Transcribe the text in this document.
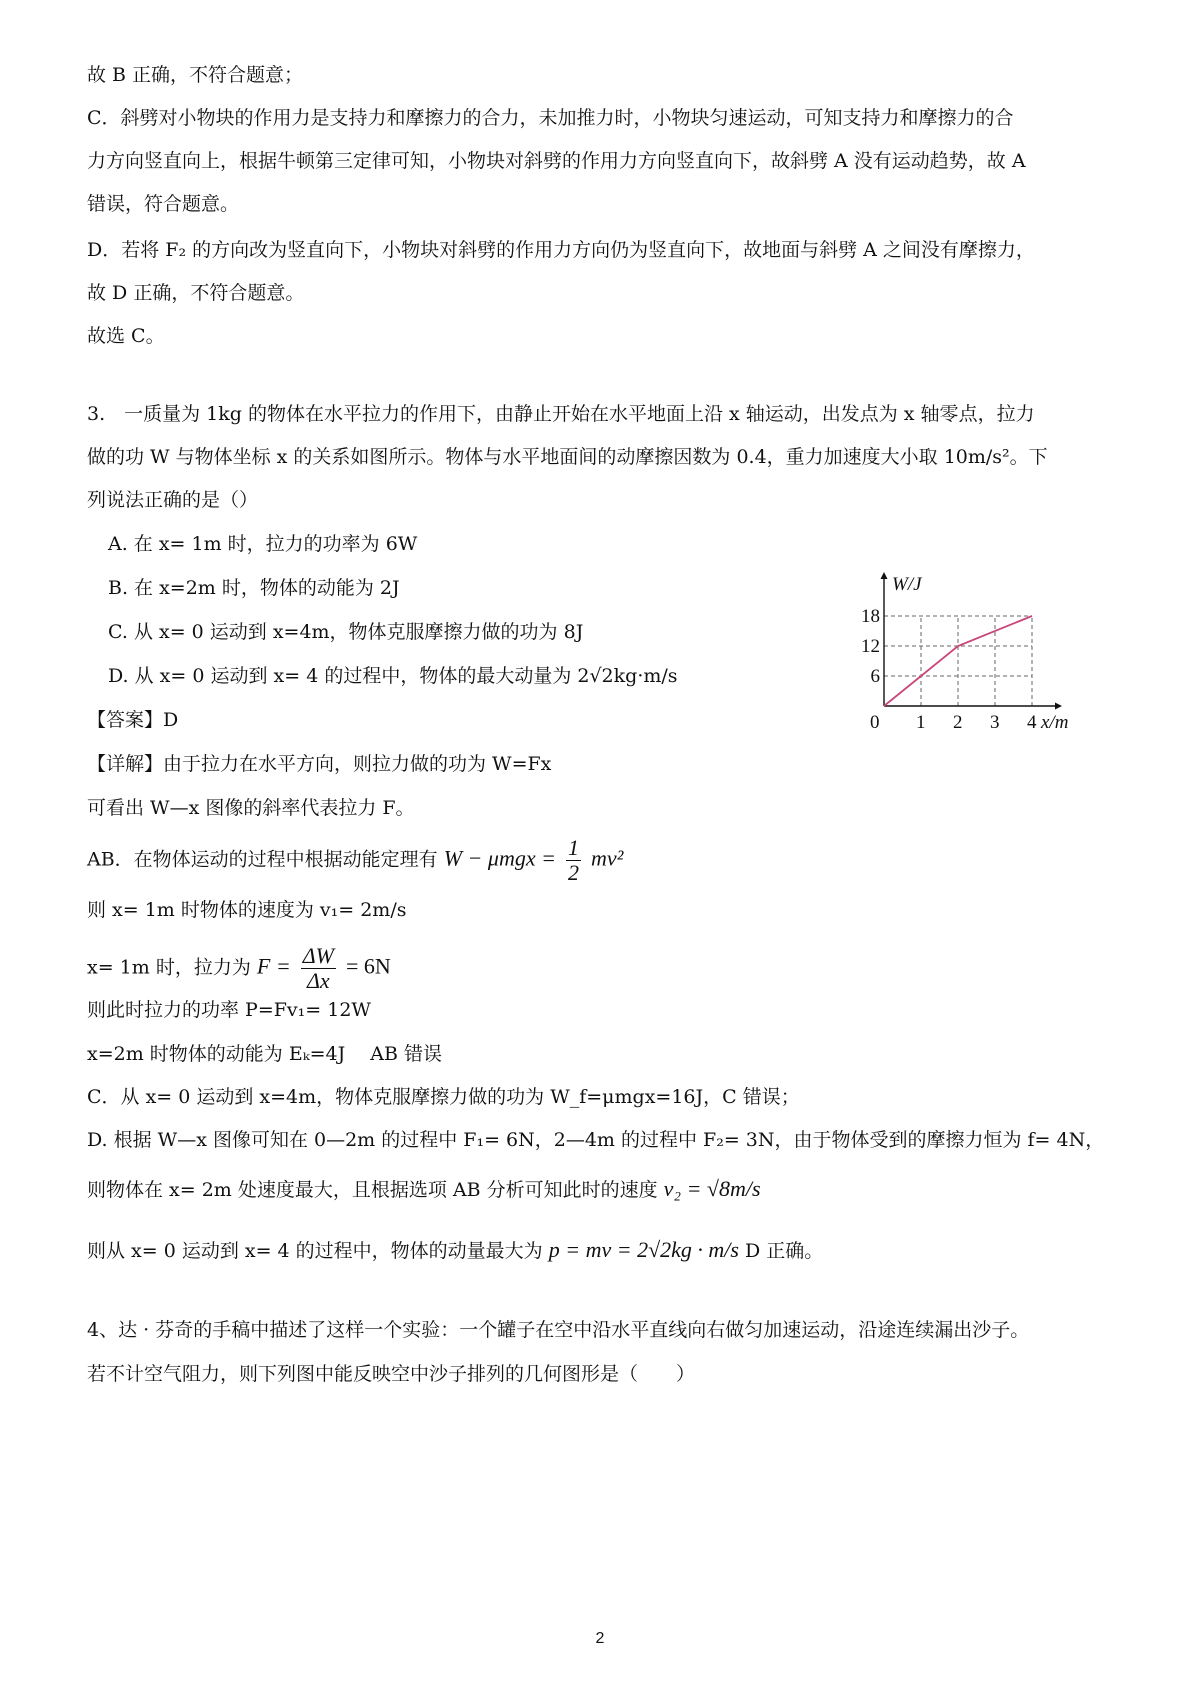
故 B 正确，不符合题意；
C．斜劈对小物块的作用力是支持力和摩擦力的合力，未加推力时，小物块匀速运动，可知支持力和摩擦力的合
力方向竖直向上，根据牛顿第三定律可知，小物块对斜劈的作用力方向竖直向下，故斜劈 A 没有运动趋势，故 A
错误，符合题意。
D．若将 F₂ 的方向改为竖直向下，小物块对斜劈的作用力方向仍为竖直向下，故地面与斜劈 A 之间没有摩擦力，
故 D 正确，不符合题意。
故选 C。
3.　一质量为 1kg 的物体在水平拉力的作用下，由静止开始在水平地面上沿 x 轴运动，出发点为 x 轴零点，拉力
做的功 W 与物体坐标 x 的关系如图所示。物体与水平地面间的动摩擦因数为 0.4，重力加速度大小取 10m/s²。下
列说法正确的是（）
A. 在 x= 1m 时，拉力的功率为 6W
B. 在 x=2m 时，物体的动能为 2J
C. 从 x= 0 运动到 x=4m，物体克服摩擦力做的功为 8J
D. 从 x= 0 运动到 x= 4 的过程中，物体的最大动量为 2√2kg·m/s
0 1 2 3 4
6
12
18
x/m
W/J
【答案】D
【详解】由于拉力在水平方向，则拉力做的功为 W=Fx
可看出 W—x 图像的斜率代表拉力 F。
AB．在物体运动的过程中根据动能定理有 $W - \mu mgx = \frac{1}{2} mv^2$
则 x= 1m 时物体的速度为 v₁= 2m/s
x= 1m 时，拉力为 $F = \frac{\Delta W}{\Delta x} = 6N$
则此时拉力的功率 P=Fv₁= 12W
x=2m 时物体的动能为 Eₖ=4J　 AB 错误
C．从 x= 0 运动到 x=4m，物体克服摩擦力做的功为 W_f=μmgx=16J，C 错误；
D. 根据 W—x 图像可知在 0—2m 的过程中 F₁= 6N，2—4m 的过程中 F₂= 3N，由于物体受到的摩擦力恒为 f= 4N，
则物体在 x= 2m 处速度最大，且根据选项 AB 分析可知此时的速度 v₂ = √8m/s
则从 x= 0 运动到 x= 4 的过程中，物体的动量最大为 p = mv = 2√2kg · m/s D 正确。
4、达 · 芬奇的手稿中描述了这样一个实验：一个罐子在空中沿水平直线向右做匀加速运动，沿途连续漏出沙子。
若不计空气阻力，则下列图中能反映空中沙子排列的几何图形是（　　）
2
